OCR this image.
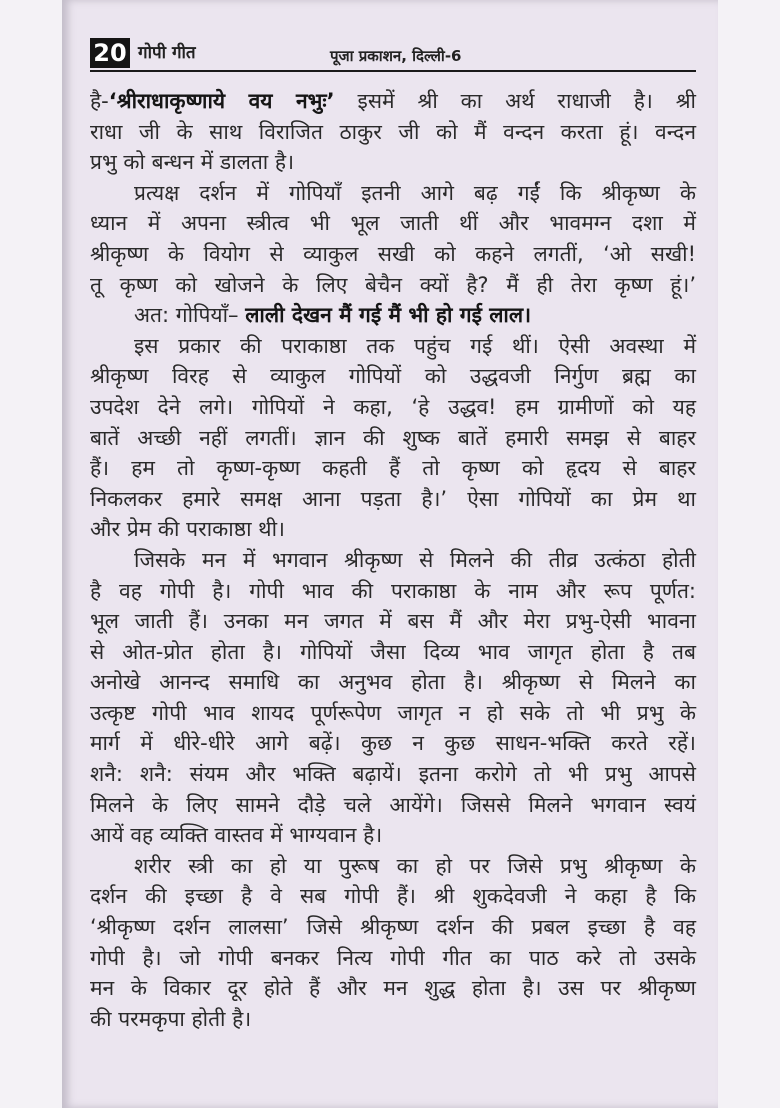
20 गोपी गीत	पूजा प्रकाशन, दिल्ली-6
है-‘श्रीराधाकृष्णाये वय नभुः’ इसमें श्री का अर्थ राधाजी है। श्री
राधा जी के साथ विराजित ठाकुर जी को मैं वन्दन करता हूं। वन्दन
प्रभु को बन्धन में डालता है।
प्रत्यक्ष दर्शन में गोपियाँ इतनी आगे बढ़ गईं कि श्रीकृष्ण के
ध्यान में अपना स्त्रीत्व भी भूल जाती थीं और भावमग्न दशा में
श्रीकृष्ण के वियोग से व्याकुल सखी को कहने लगतीं, ‘ओ सखी!
तू कृष्ण को खोजने के लिए बेचैन क्यों है? मैं ही तेरा कृष्ण हूं।’
अत: गोपियाँ– लाली देखन मैं गई मैं भी हो गई लाल।
इस प्रकार की पराकाष्ठा तक पहुंच गई थीं। ऐसी अवस्था में
श्रीकृष्ण विरह से व्याकुल गोपियों को उद्धवजी निर्गुण ब्रह्म का
उपदेश देने लगे। गोपियों ने कहा, ‘हे उद्धव! हम ग्रामीणों को यह
बातें अच्छी नहीं लगतीं। ज्ञान की शुष्क बातें हमारी समझ से बाहर
हैं। हम तो कृष्ण-कृष्ण कहती हैं तो कृष्ण को हृदय से बाहर
निकलकर हमारे समक्ष आना पड़ता है।’ ऐसा गोपियों का प्रेम था
और प्रेम की पराकाष्ठा थी।
जिसके मन में भगवान श्रीकृष्ण से मिलने की तीव्र उत्कंठा होती
है वह गोपी है। गोपी भाव की पराकाष्ठा के नाम और रूप पूर्णत:
भूल जाती हैं। उनका मन जगत में बस मैं और मेरा प्रभु-ऐसी भावना
से ओत-प्रोत होता है। गोपियों जैसा दिव्य भाव जागृत होता है तब
अनोखे आनन्द समाधि का अनुभव होता है। श्रीकृष्ण से मिलने का
उत्कृष्ट गोपी भाव शायद पूर्णरूपेण जागृत न हो सके तो भी प्रभु के
मार्ग में धीरे-धीरे आगे बढ़ें। कुछ न कुछ साधन-भक्ति करते रहें।
शनै: शनै: संयम और भक्ति बढ़ायें। इतना करोगे तो भी प्रभु आपसे
मिलने के लिए सामने दौड़े चले आयेंगे। जिससे मिलने भगवान स्वयं
आयें वह व्यक्ति वास्तव में भाग्यवान है।
शरीर स्त्री का हो या पुरूष का हो पर जिसे प्रभु श्रीकृष्ण के
दर्शन की इच्छा है वे सब गोपी हैं। श्री शुकदेवजी ने कहा है कि
‘श्रीकृष्ण दर्शन लालसा’ जिसे श्रीकृष्ण दर्शन की प्रबल इच्छा है वह
गोपी है। जो गोपी बनकर नित्य गोपी गीत का पाठ करे तो उसके
मन के विकार दूर होते हैं और मन शुद्ध होता है। उस पर श्रीकृष्ण
की परमकृपा होती है।
